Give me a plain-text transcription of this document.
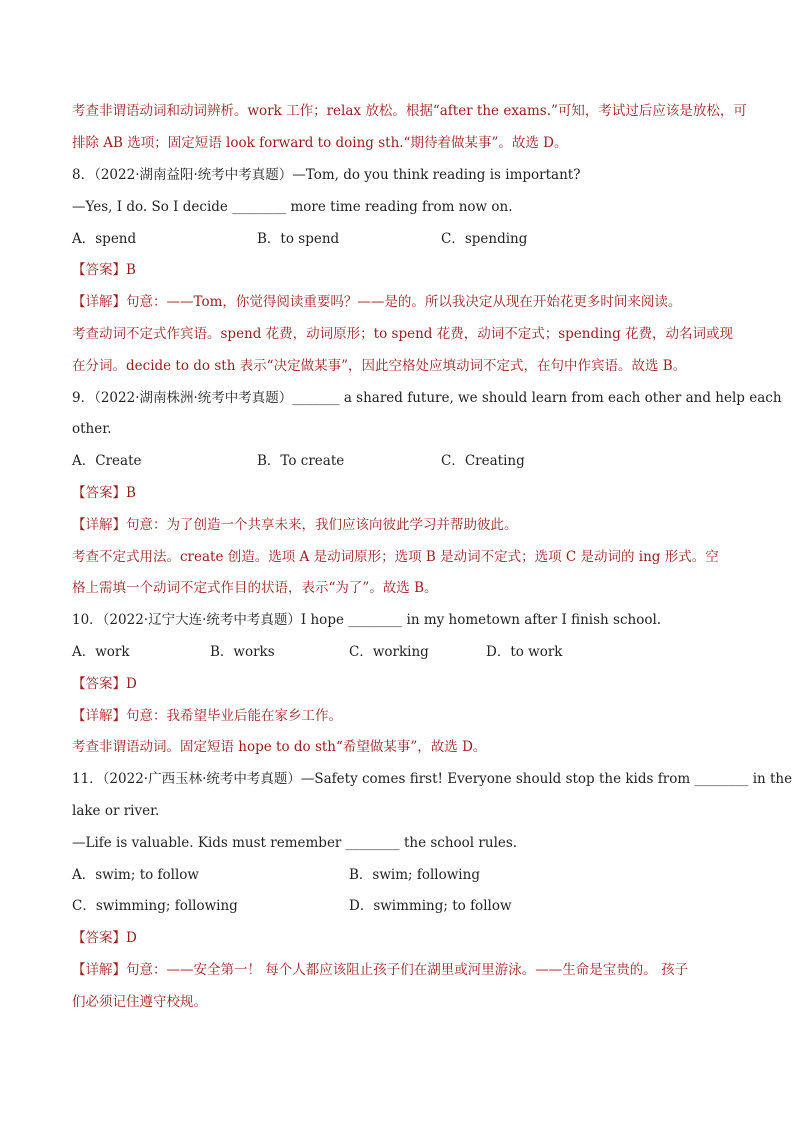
考查非谓语动词和动词辨析。work 工作；relax 放松。根据“after the exams.”可知，考试过后应该是放松，可
排除 AB 选项；固定短语 look forward to doing sth.“期待着做某事”。故选 D。
8．（2022·湖南益阳·统考中考真题）—Tom, do you think reading is important?
—Yes, I do. So I decide ________ more time reading from now on.
A．spend	B．to spend	C．spending
【答案】B
【详解】句意：——Tom，你觉得阅读重要吗？——是的。所以我决定从现在开始花更多时间来阅读。
考查动词不定式作宾语。spend 花费，动词原形；to spend 花费，动词不定式；spending 花费，动名词或现
在分词。decide to do sth 表示“决定做某事”，因此空格处应填动词不定式，在句中作宾语。故选 B。
9．（2022·湖南株洲·统考中考真题）_______ a shared future, we should learn from each other and help each
other.
A．Create	B．To create	C．Creating
【答案】B
【详解】句意：为了创造一个共享未来，我们应该向彼此学习并帮助彼此。
考查不定式用法。create 创造。选项 A 是动词原形；选项 B 是动词不定式；选项 C 是动词的 ing 形式。空
格上需填一个动词不定式作目的状语，表示“为了”。故选 B。
10．（2022·辽宁大连·统考中考真题）I hope ________ in my hometown after I finish school.
A．work	B．works	C．working	D．to work
【答案】D
【详解】句意：我希望毕业后能在家乡工作。
考查非谓语动词。固定短语 hope to do sth“希望做某事”，故选 D。
11．（2022·广西玉林·统考中考真题）—Safety comes first! Everyone should stop the kids from ________ in the
lake or river.
—Life is valuable. Kids must remember ________ the school rules.
A．swim; to follow	B．swim; following
C．swimming; following	D．swimming; to follow
【答案】D
【详解】句意：——安全第一！ 每个人都应该阻止孩子们在湖里或河里游泳。——生命是宝贵的。 孩子
们必须记住遵守校规。
